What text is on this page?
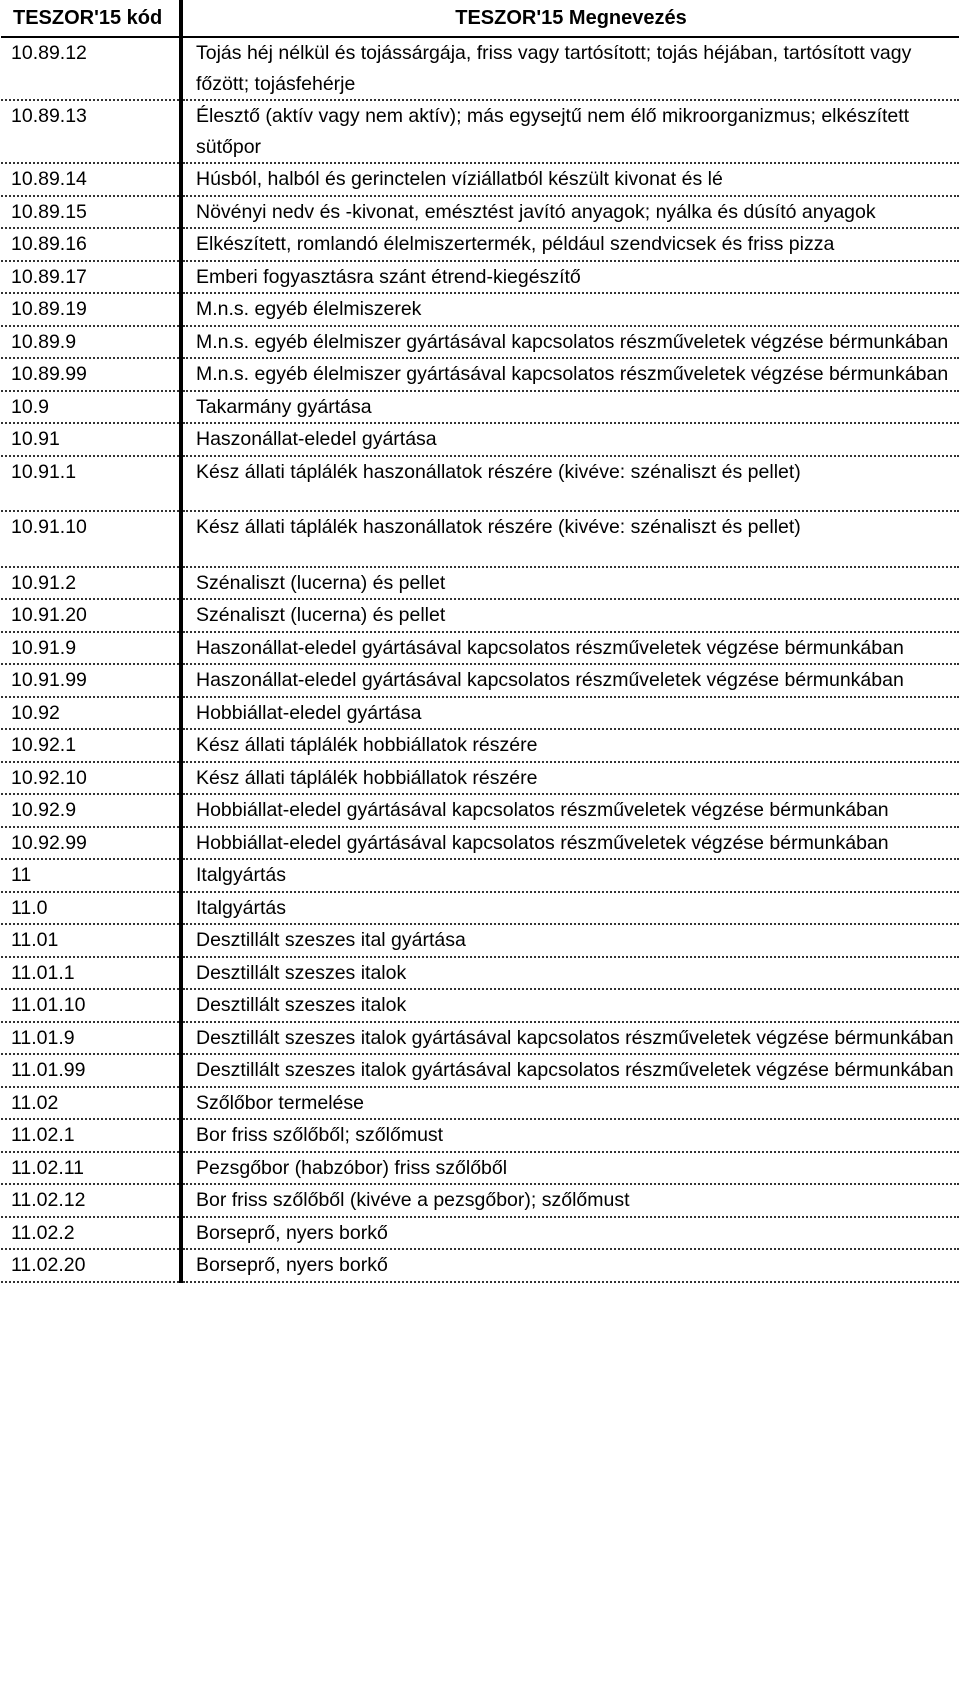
TESZOR'15 kód	TESZOR'15 Megnevezés
10.89.12	Tojás héj nélkül és tojássárgája, friss vagy tartósított; tojás héjában, tartósított vagy főzött; tojásfehérje
10.89.13	Élesztő (aktív vagy nem aktív); más egysejtű nem élő mikroorganizmus; elkészített sütőpor
10.89.14	Húsból, halból és gerinctelen víziállatból készült kivonat és lé
10.89.15	Növényi nedv és -kivonat, emésztést javító anyagok; nyálka és dúsító anyagok
10.89.16	Elkészített, romlandó élelmiszertermék, például szendvicsek és friss pizza
10.89.17	Emberi fogyasztásra szánt étrend-kiegészítő
10.89.19	M.n.s. egyéb élelmiszerek
10.89.9	M.n.s. egyéb élelmiszer gyártásával kapcsolatos részműveletek végzése bérmunkában
10.89.99	M.n.s. egyéb élelmiszer gyártásával kapcsolatos részműveletek végzése bérmunkában
10.9	Takarmány gyártása
10.91	Haszonállat-eledel gyártása
10.91.1	Kész állati táplálék haszonállatok részére (kivéve: szénaliszt és pellet)
10.91.10	Kész állati táplálék haszonállatok részére (kivéve: szénaliszt és pellet)
10.91.2	Szénaliszt (lucerna) és pellet
10.91.20	Szénaliszt (lucerna) és pellet
10.91.9	Haszonállat-eledel gyártásával kapcsolatos részműveletek végzése bérmunkában
10.91.99	Haszonállat-eledel gyártásával kapcsolatos részműveletek végzése bérmunkában
10.92	Hobbiállat-eledel gyártása
10.92.1	Kész állati táplálék hobbiállatok részére
10.92.10	Kész állati táplálék hobbiállatok részére
10.92.9	Hobbiállat-eledel gyártásával kapcsolatos részműveletek végzése bérmunkában
10.92.99	Hobbiállat-eledel gyártásával kapcsolatos részműveletek végzése bérmunkában
11	Italgyártás
11.0	Italgyártás
11.01	Desztillált szeszes ital gyártása
11.01.1	Desztillált szeszes italok
11.01.10	Desztillált szeszes italok
11.01.9	Desztillált szeszes italok gyártásával kapcsolatos részműveletek végzése bérmunkában
11.01.99	Desztillált szeszes italok gyártásával kapcsolatos részműveletek végzése bérmunkában
11.02	Szőlőbor termelése
11.02.1	Bor friss szőlőből; szőlőmust
11.02.11	Pezsgőbor (habzóbor) friss szőlőből
11.02.12	Bor friss szőlőből (kivéve a pezsgőbor); szőlőmust
11.02.2	Borseprő, nyers borkő
11.02.20	Borseprő, nyers borkő
